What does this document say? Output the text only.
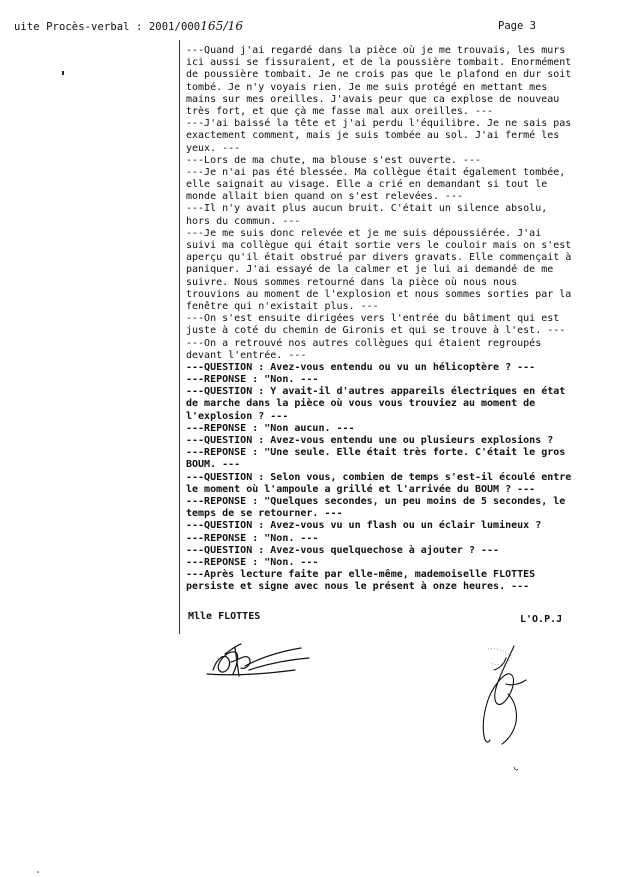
uite Procès-verbal : 2001/000165/16	Page 3
---Quand j'ai regardé dans la pièce où je me trouvais, les murs
ici aussi se fissuraient, et de la poussière tombait. Enormément
de poussière tombait. Je ne crois pas que le plafond en dur soit
tombé. Je n'y voyais rien. Je me suis protégé en mettant mes
mains sur mes oreilles. J'avais peur que ca explose de nouveau
très fort, et que çà me fasse mal aux oreilles. ---
---J'ai baissé la tête et j'ai perdu l'équilibre. Je ne sais pas
exactement comment, mais je suis tombée au sol. J'ai fermé les
yeux. ---
---Lors de ma chute, ma blouse s'est ouverte. ---
---Je n'ai pas été blessée. Ma collègue était également tombée,
elle saignait au visage. Elle a crié en demandant si tout le
monde allait bien quand on s'est relevées. ---
---Il n'y avait plus aucun bruit. C'était un silence absolu,
hors du commun. ---
---Je me suis donc relevée et je me suis dépoussiérée. J'ai
suivi ma collègue qui était sortie vers le couloir mais on s'est
aperçu qu'il était obstrué par divers gravats. Elle commençait à
paniquer. J'ai essayé de la calmer et je lui ai demandé de me
suivre. Nous sommes retourné dans la pièce où nous nous
trouvions au moment de l'explosion et nous sommes sorties par la
fenêtre qui n'existait plus. ---
---On s'est ensuite dirigées vers l'entrée du bâtiment qui est
juste à coté du chemin de Gironis et qui se trouve à l'est. ---
---On a retrouvé nos autres collègues qui étaient regroupés
devant l'entrée. ---
---QUESTION : Avez-vous entendu ou vu un hélicoptère ? ---
---REPONSE : "Non. ---
---QUESTION : Y avait-il d'autres appareils électriques en état
de marche dans la pièce où vous vous trouviez au moment de
l'explosion ? ---
---REPONSE : "Non aucun. ---
---QUESTION : Avez-vous entendu une ou plusieurs explosions ?
---REPONSE : "Une seule. Elle était très forte. C'était le gros
BOUM. ---
---QUESTION : Selon vous, combien de temps s'est-il écoulé entre
le moment où l'ampoule a grillé et l'arrivée du BOUM ? ---
---REPONSE : "Quelques secondes, un peu moins de 5 secondes, le
temps de se retourner. ---
---QUESTION : Avez-vous vu un flash ou un éclair lumineux ?
---REPONSE : "Non. ---
---QUESTION : Avez-vous quelquechose à ajouter ? ---
---REPONSE : "Non. ---
---Après lecture faite par elle-même, mademoiselle FLOTTES
persiste et signe avec nous le présent à onze heures. ---
Mlle FLOTTES	L'O.P.J
